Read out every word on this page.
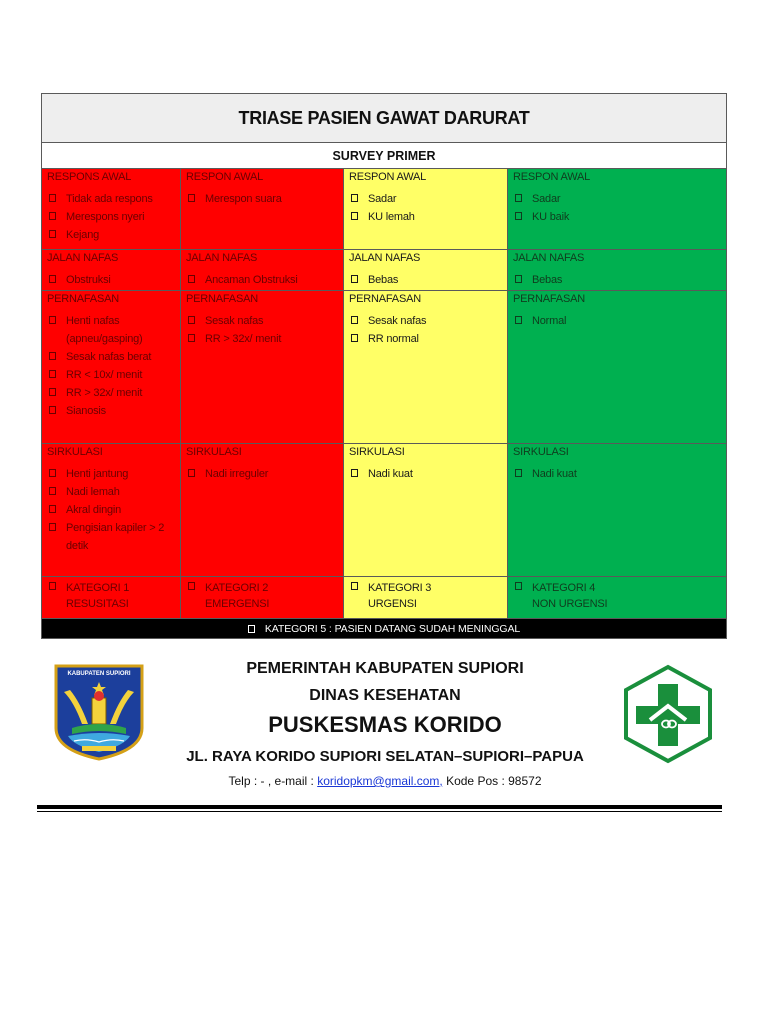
TRIASE PASIEN GAWAT DARURAT
SURVEY PRIMER
RESPONS AWAL
Tidak ada respons
Merespons nyeri
Kejang
RESPON AWAL
Merespon suara
RESPON AWAL
Sadar
KU lemah
RESPON AWAL
Sadar
KU baik
JALAN NAFAS
Obstruksi
JALAN NAFAS
Ancaman Obstruksi
JALAN NAFAS
Bebas
JALAN NAFAS
Bebas
PERNAFASAN
Henti nafas (apneu/gasping)
Sesak nafas berat
RR < 10x/ menit
RR > 32x/ menit
Sianosis
PERNAFASAN
Sesak nafas
RR > 32x/ menit
PERNAFASAN
Sesak nafas
RR normal
PERNAFASAN
Normal
SIRKULASI
Henti jantung
Nadi lemah
Akral dingin
Pengisian kapiler > 2 detik
SIRKULASI
Nadi irreguler
SIRKULASI
Nadi kuat
SIRKULASI
Nadi kuat
KATEGORI 1
RESUSITASI
KATEGORI 2
EMERGENSI
KATEGORI 3
URGENSI
KATEGORI 4
NON URGENSI
KATEGORI 5 : PASIEN DATANG SUDAH MENINGGAL
KABUPATEN SUPIORI	PEMERINTAH KABUPATEN SUPIORI
DINAS KESEHATAN
PUSKESMAS KORIDO
JL. RAYA KORIDO SUPIORI SELATAN–SUPIORI–PAPUA
Telp : - , e-mail : koridopkm@gmail.com, Kode Pos : 98572
